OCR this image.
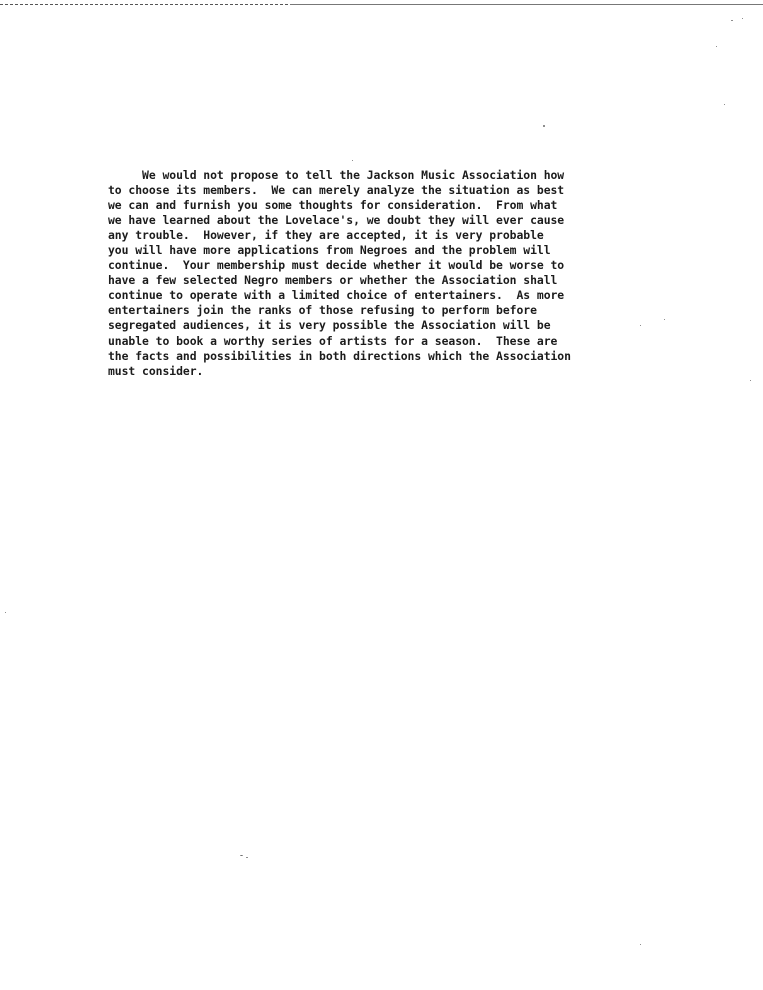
We would not propose to tell the Jackson Music Association how
to choose its members.  We can merely analyze the situation as best
we can and furnish you some thoughts for consideration.  From what
we have learned about the Lovelace's, we doubt they will ever cause
any trouble.  However, if they are accepted, it is very probable
you will have more applications from Negroes and the problem will
continue.  Your membership must decide whether it would be worse to
have a few selected Negro members or whether the Association shall
continue to operate with a limited choice of entertainers.  As more
entertainers join the ranks of those refusing to perform before
segregated audiences, it is very possible the Association will be
unable to book a worthy series of artists for a season.  These are
the facts and possibilities in both directions which the Association
must consider.
